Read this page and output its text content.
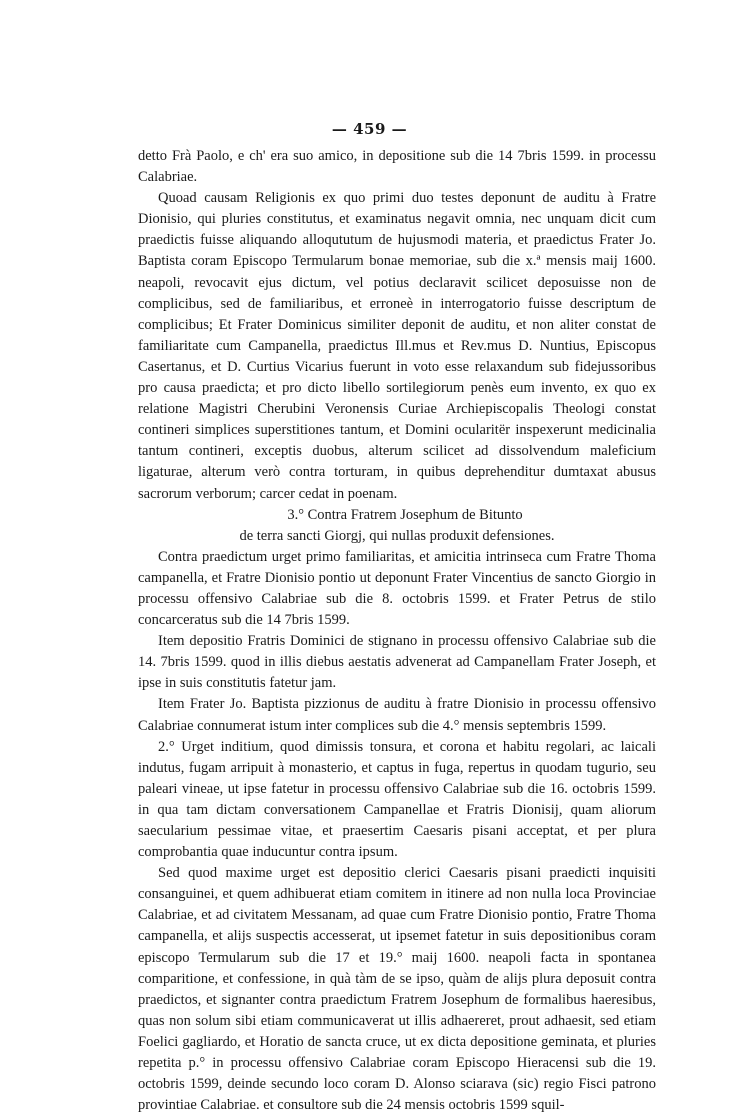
— 459 —

detto Frà Paolo, e ch' era suo amico, in depositione sub die 14 7bris 1599. in processu Calabriae.

Quoad causam Religionis ex quo primi duo testes deponunt de auditu à Fratre Dionisio, qui pluries constitutus, et examinatus negavit omnia, nec unquam dicit cum praedictis fuisse aliquando alloqututum de hujusmodi materia, et praedictus Frater Jo. Baptista coram Episcopo Termularum bonae memoriae, sub die x.ª mensis maij 1600. neapoli, revocavit ejus dictum, vel potius declaravit scilicet deposuisse non de complicibus, sed de familiaribus, et erroneè in interrogatorio fuisse descriptum de complicibus; Et Frater Dominicus similiter deponit de auditu, et non aliter constat de familiaritate cum Campanella, praedictus Ill.mus et Rev.mus D. Nuntius, Episcopus Casertanus, et D. Curtius Vicarius fuerunt in voto esse relaxandum sub fidejussoribus pro causa praedicta; et pro dicto libello sortilegiorum penès eum invento, ex quo ex relatione Magistri Cherubini Veronensis Curiae Archiepiscopalis Theologi constat contineri simplices superstitiones tantum, et Domini ocularitër inspexerunt medicinalia tantum contineri, exceptis duobus, alterum scilicet ad dissolvendum maleficium ligaturae, alterum verò contra torturam, in quibus deprehenditur dumtaxat abusus sacrorum verborum; carcer cedat in poenam.

3.° Contra Fratrem Josephum de Bitunto

de terra sancti Giorgj, qui nullas produxit defensiones.

Contra praedictum urget primo familiaritas, et amicitia intrinseca cum Fratre Thoma campanella, et Fratre Dionisio pontio ut deponunt Frater Vincentius de sancto Giorgio in processu offensivo Calabriae sub die 8. octobris 1599. et Frater Petrus de stilo concarceratus sub die 14 7bris 1599.

Item depositio Fratris Dominici de stignano in processu offensivo Calabriae sub die 14. 7bris 1599. quod in illis diebus aestatis advenerat ad Campanellam Frater Joseph, et ipse in suis constitutis fatetur jam.

Item Frater Jo. Baptista pizzionus de auditu à fratre Dionisio in processu offensivo Calabriae connumerat istum inter complices sub die 4.° mensis septembris 1599.

2.° Urget inditium, quod dimissis tonsura, et corona et habitu regolari, ac laicali indutus, fugam arripuit à monasterio, et captus in fuga, repertus in quodam tugurio, seu paleari vineae, ut ipse fatetur in processu offensivo Calabriae sub die 16. octobris 1599. in qua tam dictam conversationem Campanellae et Fratris Dionisij, quam aliorum saecularium pessimae vitae, et praesertim Caesaris pisani acceptat, et per plura comprobantia quae inducuntur contra ipsum.

Sed quod maxime urget est depositio clerici Caesaris pisani praedicti inquisiti consanguinei, et quem adhibuerat etiam comitem in itinere ad non nulla loca Provinciae Calabriae, et ad civitatem Messanam, ad quae cum Fratre Dionisio pontio, Fratre Thoma campanella, et alijs suspectis accesserat, ut ipsemet fatetur in suis depositionibus coram episcopo Termularum sub die 17 et 19.° maij 1600. neapoli facta in spontanea comparitione, et confessione, in quà tàm de se ipso, quàm de alijs plura deposuit contra praedictos, et signanter contra praedictum Fratrem Josephum de formalibus haeresibus, quas non solum sibi etiam communicaverat ut illis adhaereret, prout adhaesit, sed etiam Foelici gagliardo, et Horatio de sancta cruce, ut ex dicta depositione geminata, et pluries repetita p.° in processu offensivo Calabriae coram Episcopo Hieracensi sub die 19. octobris 1599, deinde secundo loco coram D. Alonso sciarava (sic) regio Fisci patrono provintiae Calabriae. et consultore sub die 24 mensis octobris 1599 squil-
